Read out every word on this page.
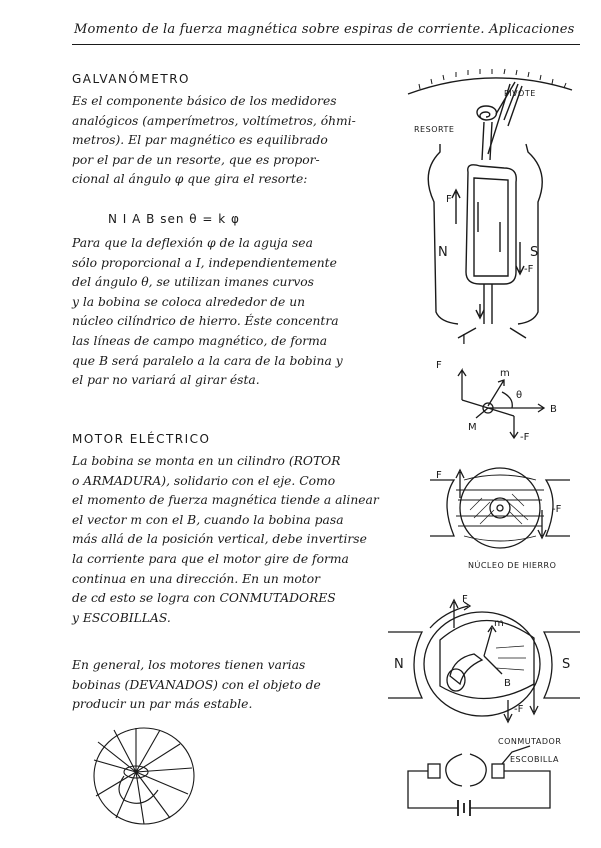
Momento de la fuerza magnética sobre espiras de corriente. Aplicaciones
GALVANÓMETRO

Es el componente básico de los medidores
analógicos (amperímetros, voltímetros, óhmi-
metros). El par magnético es equilibrado
por el par de un resorte, que es propor-
cional al ángulo φ que gira el resorte:

N I A B sen θ = k φ

Para que la deflexión φ de la aguja sea
sólo proporcional a I, independientemente
del ángulo θ, se utilizan imanes curvos
y la bobina se coloca alrededor de un
núcleo cilíndrico de hierro. Éste concentra
las líneas de campo magnético, de forma
que B será paralelo a la cara de la bobina y
el par no variará al girar ésta.

MOTOR ELÉCTRICO

La bobina se monta en un cilindro (ROTOR
o ARMADURA), solidario con el eje. Como
el momento de fuerza magnética tiende a alinear
el vector m con el B, cuando la bobina pasa
más allá de la posición vertical, debe invertirse
la corriente para que el motor gire de forma
continua en una dirección. En un motor
de cd esto se logra con CONMUTADORES
y ESCOBILLAS.

En general, los motores tienen varias
bobinas (DEVANADOS) con el objeto de
producir un par más estable.

PIVOTE
RESORTE
N	S
F
-F
I
F
m
θ
B
M
-F
F
-F
NÚCLEO DE HIERRO
N	S
F
-F
m
B
CONMUTADOR
ESCOBILLA
